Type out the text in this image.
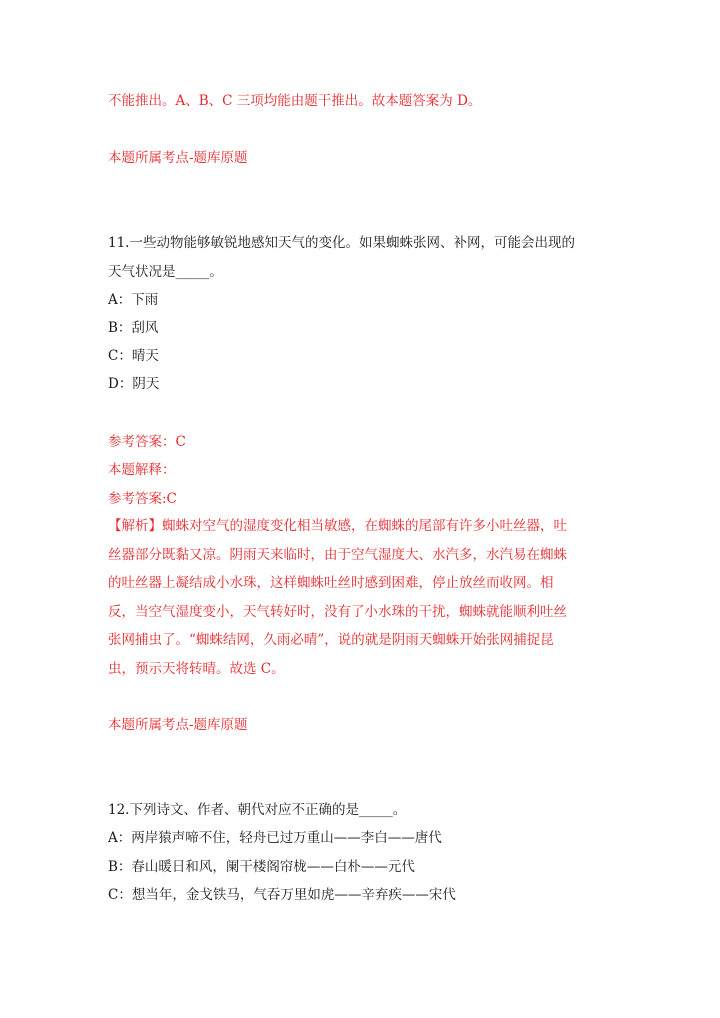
不能推出。A、B、C 三项均能由题干推出。故本题答案为 D。
本题所属考点-题库原题
11.一些动物能够敏锐地感知天气的变化。如果蜘蛛张网、补网，可能会出现的
天气状况是_____。
A：下雨
B：刮风
C：晴天
D：阴天
参考答案：C
本题解释：
参考答案:C
【解析】蜘蛛对空气的湿度变化相当敏感，在蜘蛛的尾部有许多小吐丝器，吐
丝器部分既黏又凉。阴雨天来临时，由于空气湿度大、水汽多，水汽易在蜘蛛
的吐丝器上凝结成小水珠，这样蜘蛛吐丝时感到困难，停止放丝而收网。相
反，当空气湿度变小，天气转好时，没有了小水珠的干扰，蜘蛛就能顺利吐丝
张网捕虫了。“蜘蛛结网，久雨必晴”，说的就是阴雨天蜘蛛开始张网捕捉昆
虫，预示天将转晴。故选 C。
本题所属考点-题库原题
12.下列诗文、作者、朝代对应不正确的是_____。
A：两岸猿声啼不住，轻舟已过万重山——李白——唐代
B：春山暖日和风，阑干楼阁帘栊——白朴——元代
C：想当年，金戈铁马，气吞万里如虎——辛弃疾——宋代
